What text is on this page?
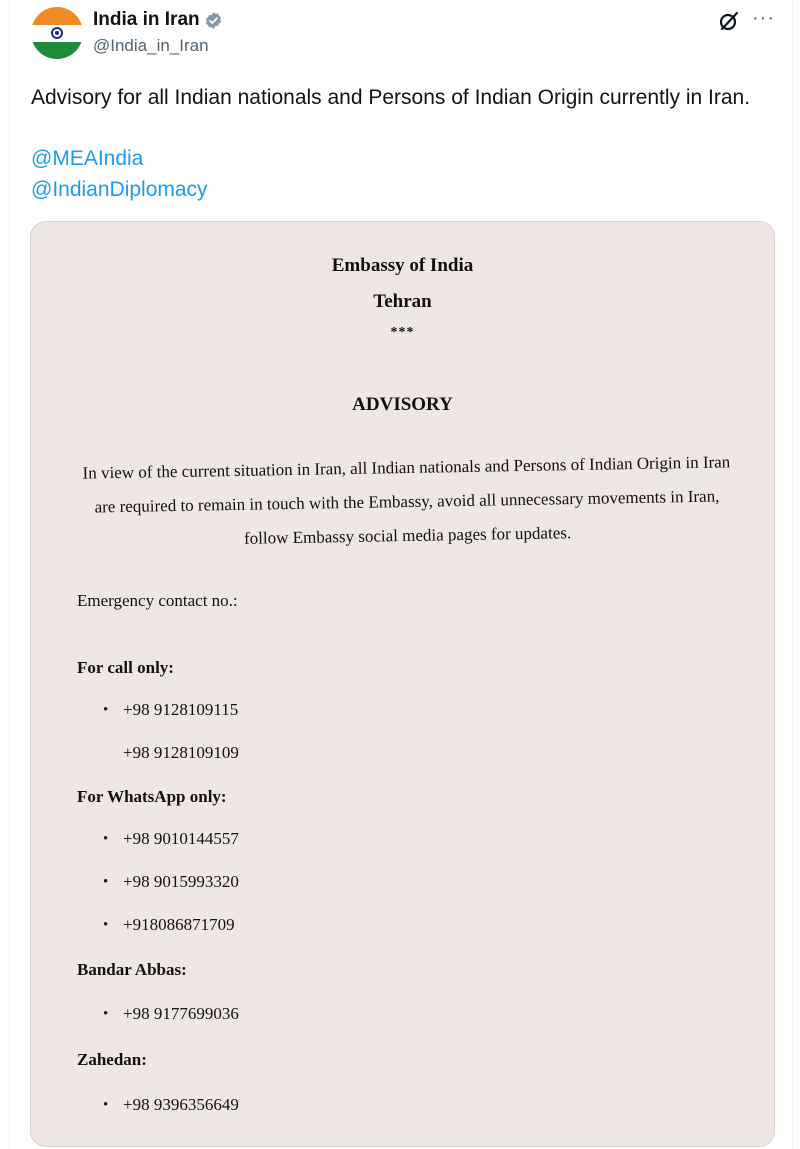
India in Iran
@India_in_Iran
···
Advisory for all Indian nationals and Persons of Indian Origin currently in Iran.
@MEAIndia
@IndianDiplomacy
Embassy of India
Tehran
***
ADVISORY
In view of the current situation in Iran, all Indian nationals and Persons of Indian Origin in Iran are required to remain in touch with the Embassy, avoid all unnecessary movements in Iran, follow Embassy social media pages for updates.
Emergency contact no.:
For call only:
• +98 9128109115
+98 9128109109
For WhatsApp only:
• +98 9010144557
• +98 9015993320
• +918086871709
Bandar Abbas:
• +98 9177699036
Zahedan:
• +98 9396356649
